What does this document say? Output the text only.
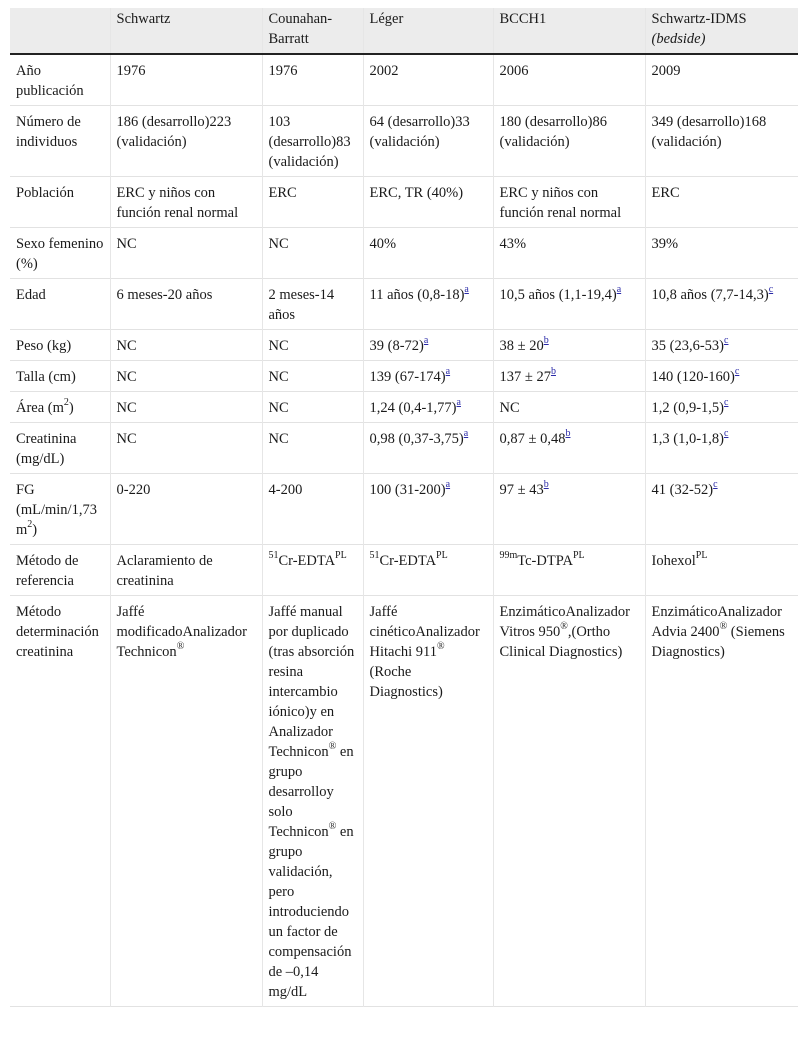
	Schwartz	Counahan-Barratt	Léger	BCCH1	Schwartz-IDMS
(bedside)

Año publicación	1976	1976	2002	2006	2009
Número de individuos	186 (desarrollo)223 (validación)	103 (desarrollo)83 (validación)	64 (desarrollo)33 (validación)	180 (desarrollo)86 (validación)	349 (desarrollo)168 (validación)
Población	ERC y niños con función renal normal	ERC	ERC, TR (40%)	ERC y niños con función renal normal	ERC
Sexo femenino (%)	NC	NC	40%	43%	39%
Edad	6 meses-20 años	2 meses-14 años	11 años (0,8-18)$^a$	10,5 años (1,1-19,4)$^a$	10,8 años (7,7-14,3)$^c$
Peso (kg)	NC	NC	39 (8-72)$^a$	38 ± 20$^b$	35 (23,6-53)$^c$
Talla (cm)	NC	NC	139 (67-174)$^a$	137 ± 27$^b$	140 (120-160)$^c$
Área $(m^2)$	NC	NC	1,24 (0,4-1,77)$^a$	NC	1,2 (0,9-1,5)$^c$
Creatinina (mg/dL)	NC	NC	0,98 (0,37-3,75)$^a$	0,87 ± 0,48$^b$	1,3 (1,0-1,8)$^c$
FG (mL/min/1,73 $m^2$)	0-220	4-200	100 (31-200)$^a$	97 ± 43$^b$	41 (32-52)$^c$
Método de referencia	Aclaramiento de creatinina	$^{51}Cr-EDTA^{PL}$	$^{51}Cr-EDTA^{PL}$	$^{99m}Tc-DTPA^{PL}$	Iohexol$^{PL}$
Método determinación creatinina	Jaffé modificadoAnalizador Technicon®	Jaffé manual por duplicado (tras absorción resina intercambio iónico)y en Analizador Technicon® en grupo desarrolloy solo Technicon® en grupo validación, pero introduciendo un factor de compensación de –0,14 mg/dL	Jaffé cinéticoAnalizador Hitachi 911® (Roche Diagnostics)	EnzimáticoAnalizador Vitros 950®,(Ortho Clinical Diagnostics)	EnzimáticoAnalizador Advia 2400® (Siemens Diagnostics)
